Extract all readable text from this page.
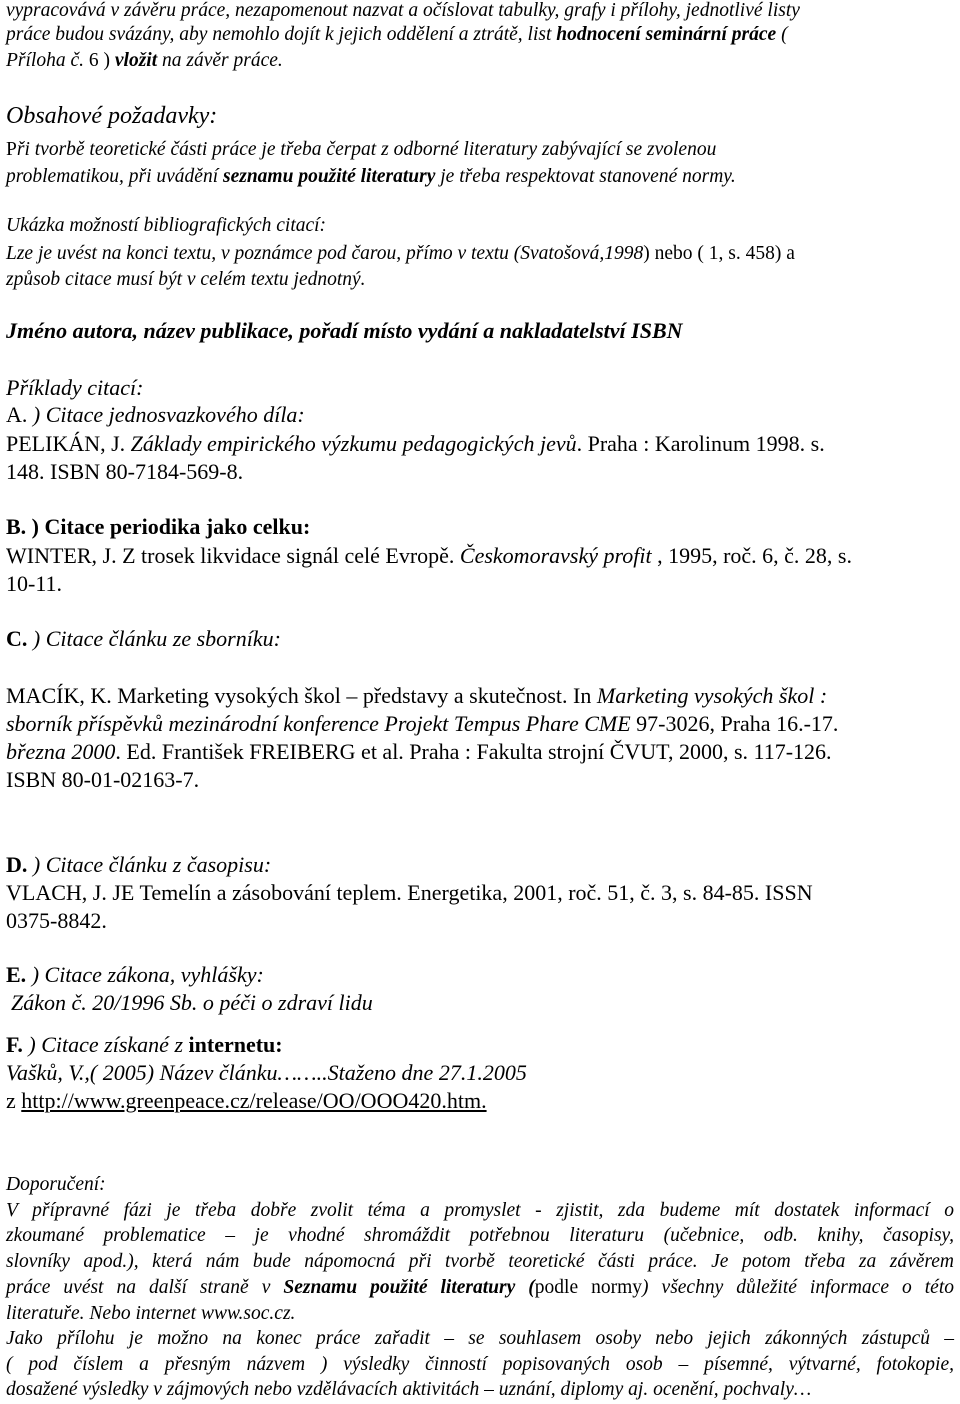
vypracovává v závěru práce, nezapomenout nazvat a očíslovat tabulky, grafy i přílohy, jednotlivé listy
práce budou svázány, aby nemohlo dojít k jejich oddělení a ztrátě, list hodnocení seminární práce (
Příloha č. 6 ) vložit na závěr práce.
Obsahové požadavky:
Při tvorbě teoretické části práce je třeba čerpat z odborné literatury zabývající se zvolenou
problematikou, při uvádění seznamu použité literatury je třeba respektovat stanovené normy.
Ukázka možností bibliografických citací:
Lze je uvést na konci textu, v poznámce pod čarou, přímo v textu (Svatošová,1998) nebo ( 1, s. 458) a
způsob citace musí být v celém textu jednotný.
Jméno autora, název publikace, pořadí místo vydání a nakladatelství ISBN
Příklady citací:
A. ) Citace jednosvazkového díla:
PELIKÁN, J. Základy empirického výzkumu pedagogických jevů. Praha : Karolinum 1998. s.
148. ISBN 80-7184-569-8.
B. ) Citace periodika jako celku:
WINTER, J. Z trosek likvidace signál celé Evropě. Českomoravský profit , 1995, roč. 6, č. 28, s.
10-11.
C. ) Citace článku ze sborníku:
MACÍK, K. Marketing vysokých škol – představy a skutečnost. In Marketing vysokých škol :
sborník příspěvků mezinárodní konference Projekt Tempus Phare CME 97-3026, Praha 16.-17.
března 2000. Ed. František FREIBERG et al. Praha : Fakulta strojní ČVUT, 2000, s. 117-126.
ISBN 80-01-02163-7.
D. ) Citace článku z časopisu:
VLACH, J. JE Temelín a zásobování teplem. Energetika, 2001, roč. 51, č. 3, s. 84-85. ISSN
0375-8842.
E. ) Citace zákona, vyhlášky:
Zákon č. 20/1996 Sb. o péči o zdraví lidu
F. ) Citace získané z internetu:
Vašků, V.,( 2005) Název článku……..Staženo dne 27.1.2005
z http://www.greenpeace.cz/release/OO/OOO420.htm.
Doporučení:
V přípravné fázi je třeba dobře zvolit téma a promyslet - zjistit, zda budeme mít dostatek informací o
zkoumané problematice – je vhodné shromáždit potřebnou literaturu (učebnice, odb. knihy, časopisy,
slovníky apod.), která nám bude nápomocná při tvorbě teoretické části práce. Je potom třeba za závěrem
práce uvést na další straně v Seznamu použité literatury (podle normy) všechny důležité informace o této
literatuře. Nebo internet www.soc.cz.
Jako přílohu je možno na konec práce zařadit – se souhlasem osoby nebo jejich zákonných zástupců –
( pod číslem a přesným názvem ) výsledky činností popisovaných osob – písemné, výtvarné, fotokopie,
dosažené výsledky v zájmových nebo vzdělávacích aktivitách – uznání, diplomy aj. ocenění, pochvaly…
